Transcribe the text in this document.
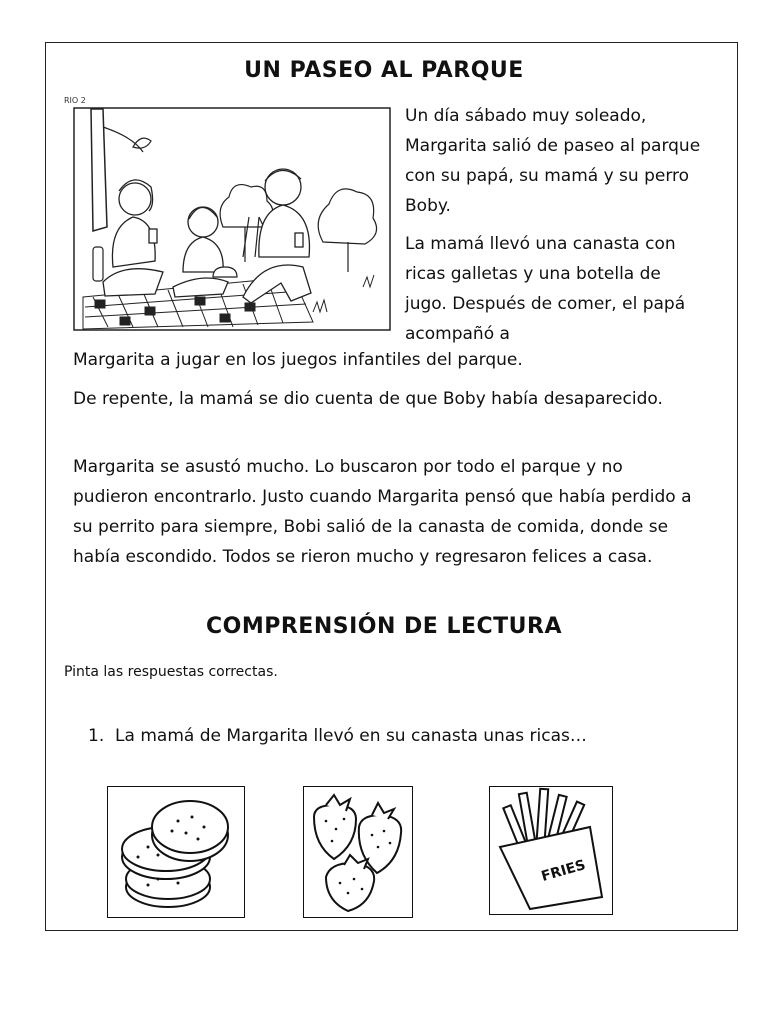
UN PASEO AL PARQUE
RIO 2

Un día sábado muy soleado, Margarita salió de paseo al parque con su papá, su mamá y su perro Boby.

La mamá llevó una canasta con ricas galletas y una botella de jugo. Después de comer, el papá acompañó a

Margarita a jugar en los juegos infantiles del parque.

De repente, la mamá se dio cuenta de que Boby había desaparecido.

Margarita se asustó mucho. Lo buscaron por todo el parque y no pudieron encontrarlo. Justo cuando Margarita pensó que había perdido a su perrito para siempre, Bobi salió de la canasta de comida, donde se había escondido. Todos se rieron mucho y regresaron felices a casa.

COMPRENSIÓN DE LECTURA
Pinta las respuestas correctas.
1. La mamá de Margarita llevó en su canasta unas ricas…
FRIES
